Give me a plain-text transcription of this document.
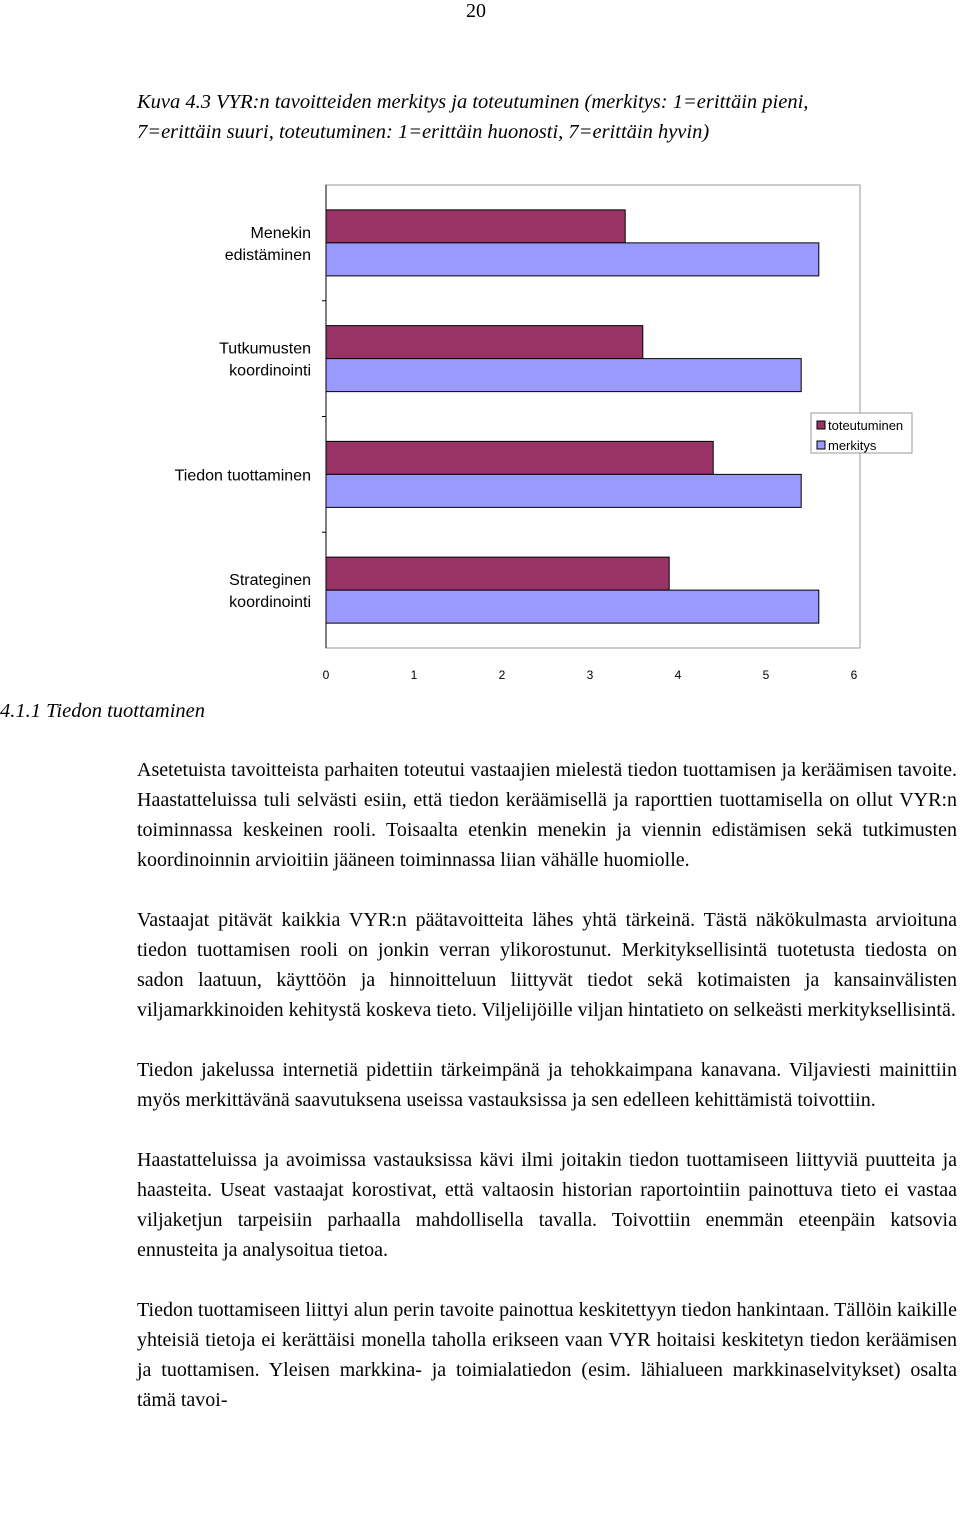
20

Kuva 4.3 VYR:n tavoitteiden merkitys ja toteutuminen (merkitys: 1=erittäin pieni, 7=erittäin suuri, toteutuminen: 1=erittäin huonosti, 7=erittäin hyvin)

Menekin
edistäminen
Tutkumusten
koordinointi
Tiedon tuottaminen
Strateginen
koordinointi
0	1	2	3	4	5	6
toteutuminen
merkitys
4.1.1 Tiedon tuottaminen

Asetetuista tavoitteista parhaiten toteutui vastaajien mielestä tiedon tuottamisen ja keräämisen tavoite. Haastatteluissa tuli selvästi esiin, että tiedon keräämisellä ja raporttien tuottamisella on ollut VYR:n toiminnassa keskeinen rooli. Toisaalta etenkin menekin ja viennin edistämisen sekä tutkimusten koordinoinnin arvioitiin jääneen toiminnassa liian vähälle huomiolle.

Vastaajat pitävät kaikkia VYR:n päätavoitteita lähes yhtä tärkeinä. Tästä näkökulmasta arvioituna tiedon tuottamisen rooli on jonkin verran ylikorostunut. Merkityksellisintä tuotetusta tiedosta on sadon laatuun, käyttöön ja hinnoitteluun liittyvät tiedot sekä kotimaisten ja kansainvälisten viljamarkkinoiden kehitystä koskeva tieto. Viljelijöille viljan hintatieto on selkeästi merkityksellisintä.

Tiedon jakelussa internetiä pidettiin tärkeimpänä ja tehokkaimpana kanavana. Viljaviesti mainittiin myös merkittävänä saavutuksena useissa vastauksissa ja sen edelleen kehittämistä toivottiin.

Haastatteluissa ja avoimissa vastauksissa kävi ilmi joitakin tiedon tuottamiseen liittyviä puutteita ja haasteita. Useat vastaajat korostivat, että valtaosin historian raportointiin painottuva tieto ei vastaa viljaketjun tarpeisiin parhaalla mahdollisella tavalla. Toivottiin enemmän eteenpäin katsovia ennusteita ja analysoitua tietoa.

Tiedon tuottamiseen liittyi alun perin tavoite painottua keskitettyyn tiedon hankintaan. Tällöin kaikille yhteisiä tietoja ei kerättäisi monella taholla erikseen vaan VYR hoitaisi keskitetyn tiedon keräämisen ja tuottamisen. Yleisen markkina- ja toimialatiedon (esim. lähialueen markkinaselvitykset) osalta tämä tavoi-
